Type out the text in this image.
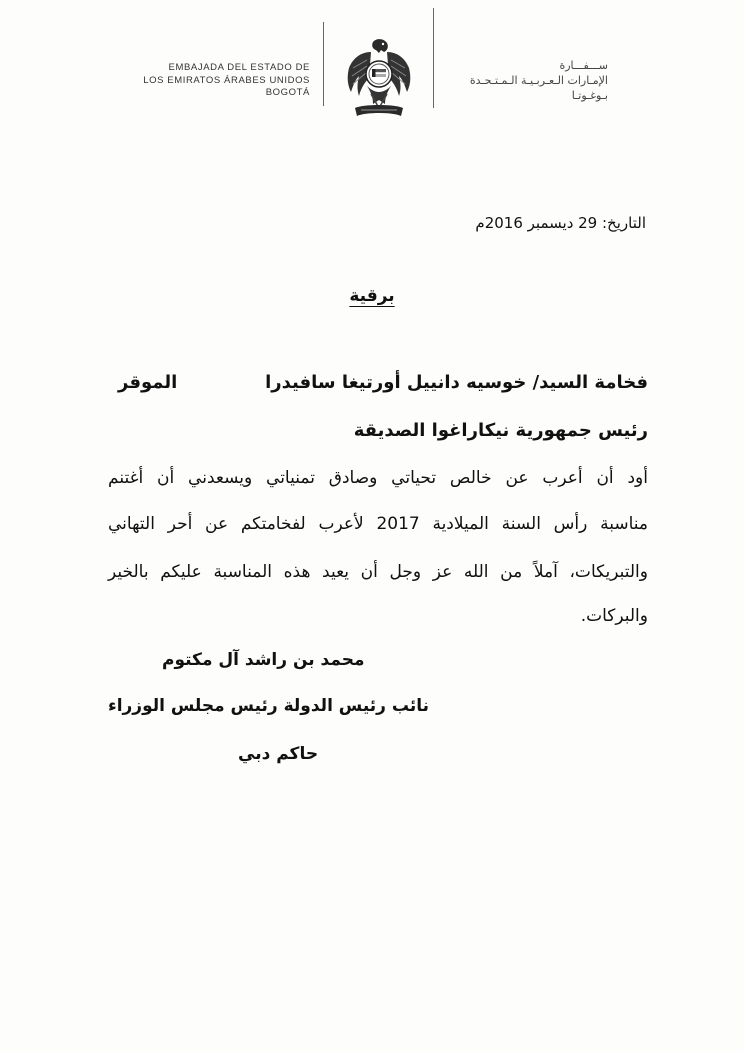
EMBAJADA DEL ESTADO DE
LOS EMIRATOS ÁRABES UNIDOS
BOGOTÁ
ســـفـــارة
الإمـارات الـعـربـيـة الـمـتـحـدة
بـوغـوتـا
التاريخ: 29 ديسمبر 2016م
برقية
فخامة السيد/ خوسيه دانييل أورتيغا سافيدرا
الموقر
رئيس جمهورية نيكاراغوا الصديقة
أود أن أعرب عن خالص تحياتي وصادق تمنياتي ويسعدني أن أغتنم
مناسبة رأس السنة الميلادية 2017 لأعرب لفخامتكم عن أحر التهاني
والتبريكات، آملاً من الله عز وجل أن يعيد هذه المناسبة عليكم بالخير
والبركات.
محمد بن راشد آل مكتوم
نائب رئيس الدولة رئيس مجلس الوزراء
حاكم دبي
